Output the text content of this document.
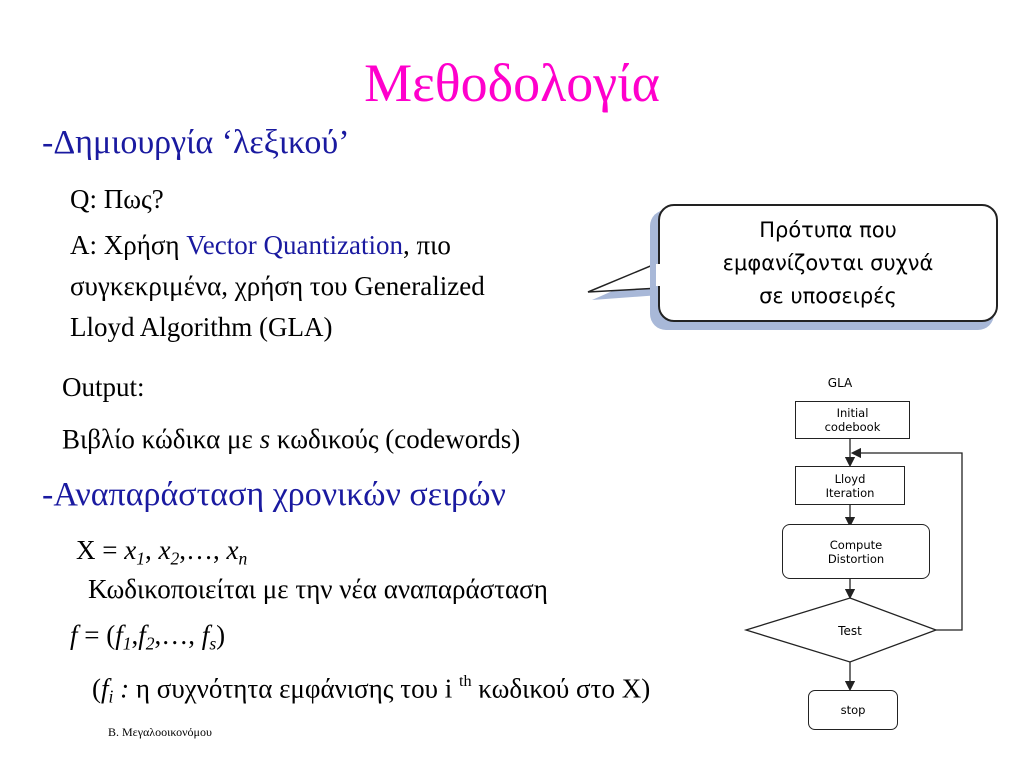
Μεθοδολογία
-Δημιουργία ‘λεξικού’
Q: Πως?
A: Χρήση Vector Quantization, πιο
συγκεκριμένα, χρήση του Generalized
Lloyd Algorithm (GLA)
Output:
Βιβλίο κώδικα με s κωδικούς (codewords)
Πρότυπα που
εμφανίζονται συχνά
σε υποσειρές
-Αναπαράσταση χρονικών σειρών
$X = x_1$, $x_2,\dots$, $x_n$
Κωδικοποιείται με την νέα αναπαράσταση
$f = (f_1,f_2,\dots$, $f_s$)
($f_i$ : η συχνότητα εμφάνισης του i $^{th}$ κωδικού στο X)
GLA
Initial
codebook
Lloyd
Iteration
Compute
Distortion
Test
stop
Β. Μεγαλοοικονόμου
